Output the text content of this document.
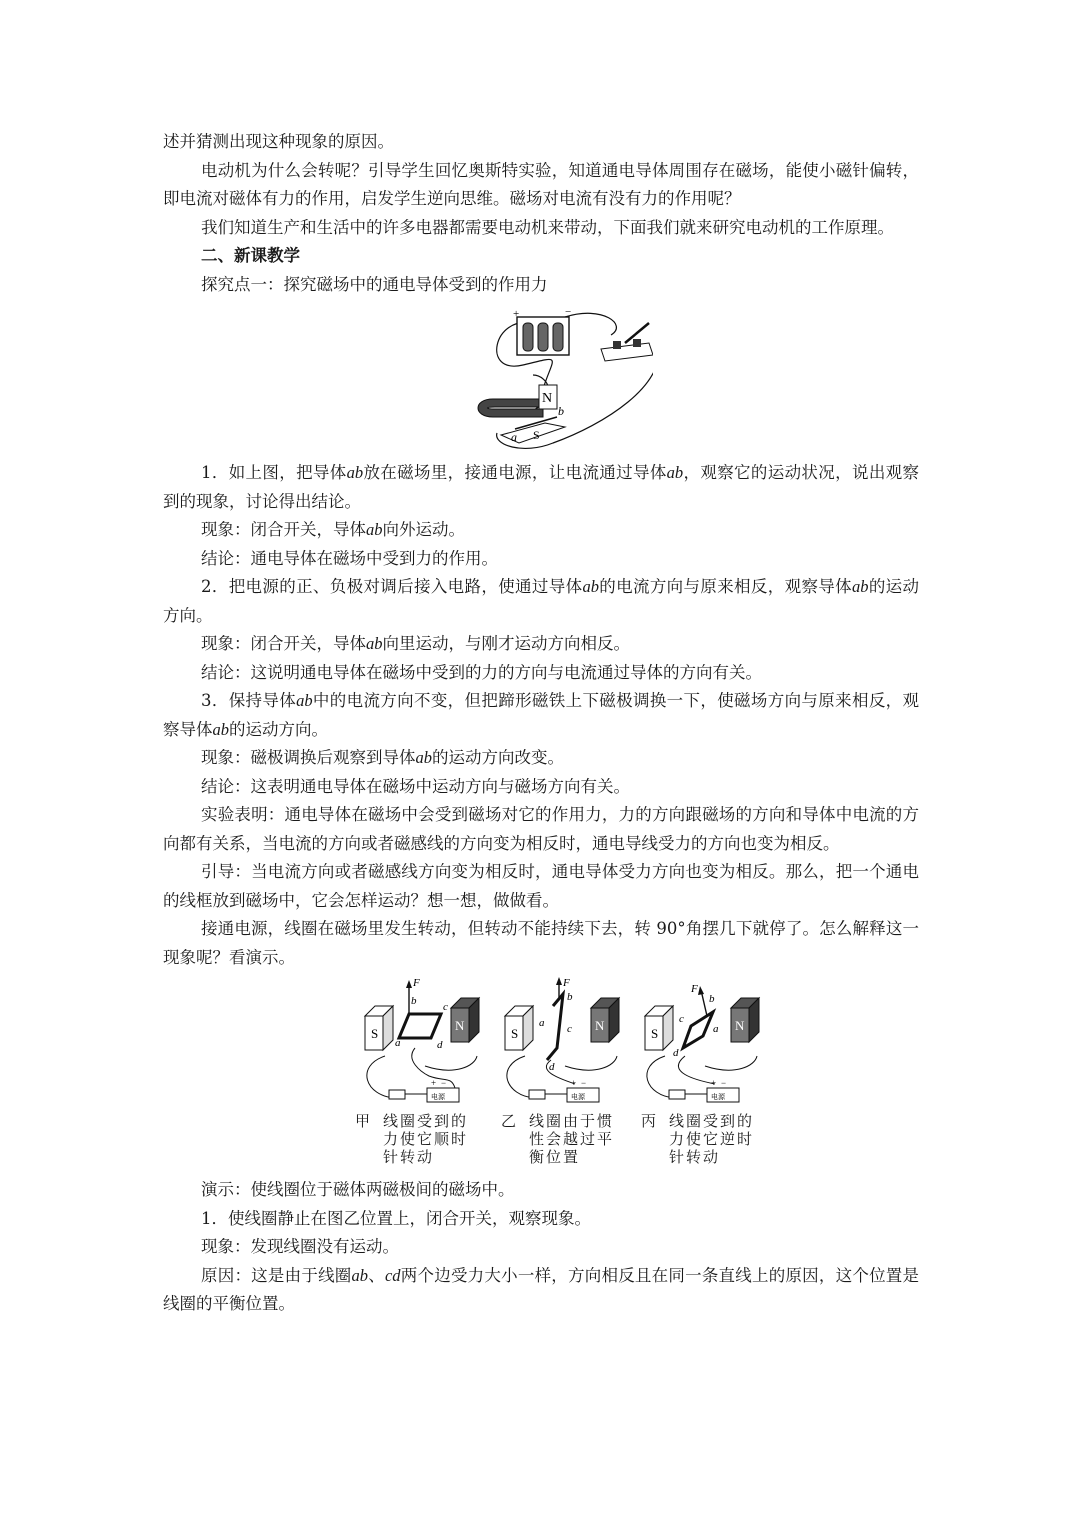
述并猜测出现这种现象的原因。

电动机为什么会转呢？引导学生回忆奥斯特实验，知道通电导体周围存在磁场，能使小磁针偏转，即电流对磁体有力的作用，启发学生逆向思维。磁场对电流有没有力的作用呢？

我们知道生产和生活中的许多电器都需要电动机来带动，下面我们就来研究电动机的工作原理。

二、新课教学

探究点一：探究磁场中的通电导体受到的作用力

+	−
N
S
a
b

1．如上图，把导体ab放在磁场里，接通电源，让电流通过导体ab，观察它的运动状况，说出观察到的现象，讨论得出结论。

现象：闭合开关，导体ab向外运动。

结论：通电导体在磁场中受到力的作用。

2．把电源的正、负极对调后接入电路，使通过导体ab的电流方向与原来相反，观察导体ab的运动方向。

现象：闭合开关，导体ab向里运动，与刚才运动方向相反。

结论：这说明通电导体在磁场中受到的力的方向与电流通过导体的方向有关。

3．保持导体ab中的电流方向不变，但把蹄形磁铁上下磁极调换一下，使磁场方向与原来相反，观察导体ab的运动方向。

现象：磁极调换后观察到导体ab的运动方向改变。

结论：这表明通电导体在磁场中运动方向与磁场方向有关。

实验表明：通电导体在磁场中会受到磁场对它的作用力，力的方向跟磁场的方向和导体中电流的方向都有关系，当电流的方向或者磁感线的方向变为相反时，通电导线受力的方向也变为相反。

引导：当电流方向或者磁感线方向变为相反时，通电导体受力方向也变为相反。那么，把一个通电的线框放到磁场中，它会怎样运动？想一想，做做看。

接通电源，线圈在磁场里发生转动，但转动不能持续下去，转 90°角摆几下就停了。怎么解释这一现象呢？看演示。

S
N
F
b
a
c
d
+ −
电源
S
N
F
b
a c
d
+ −
电源
S
N
F
b
a
c
d
+ −
电源
甲 线圈受到的力使它顺时针转动
乙 线圈由于惯性会越过平衡位置
丙 线圈受到的力使它逆时针转动

演示：使线圈位于磁体两磁极间的磁场中。

1．使线圈静止在图乙位置上，闭合开关，观察现象。

现象：发现线圈没有运动。

原因：这是由于线圈ab、cd两个边受力大小一样，方向相反且在同一条直线上的原因，这个位置是线圈的平衡位置。
